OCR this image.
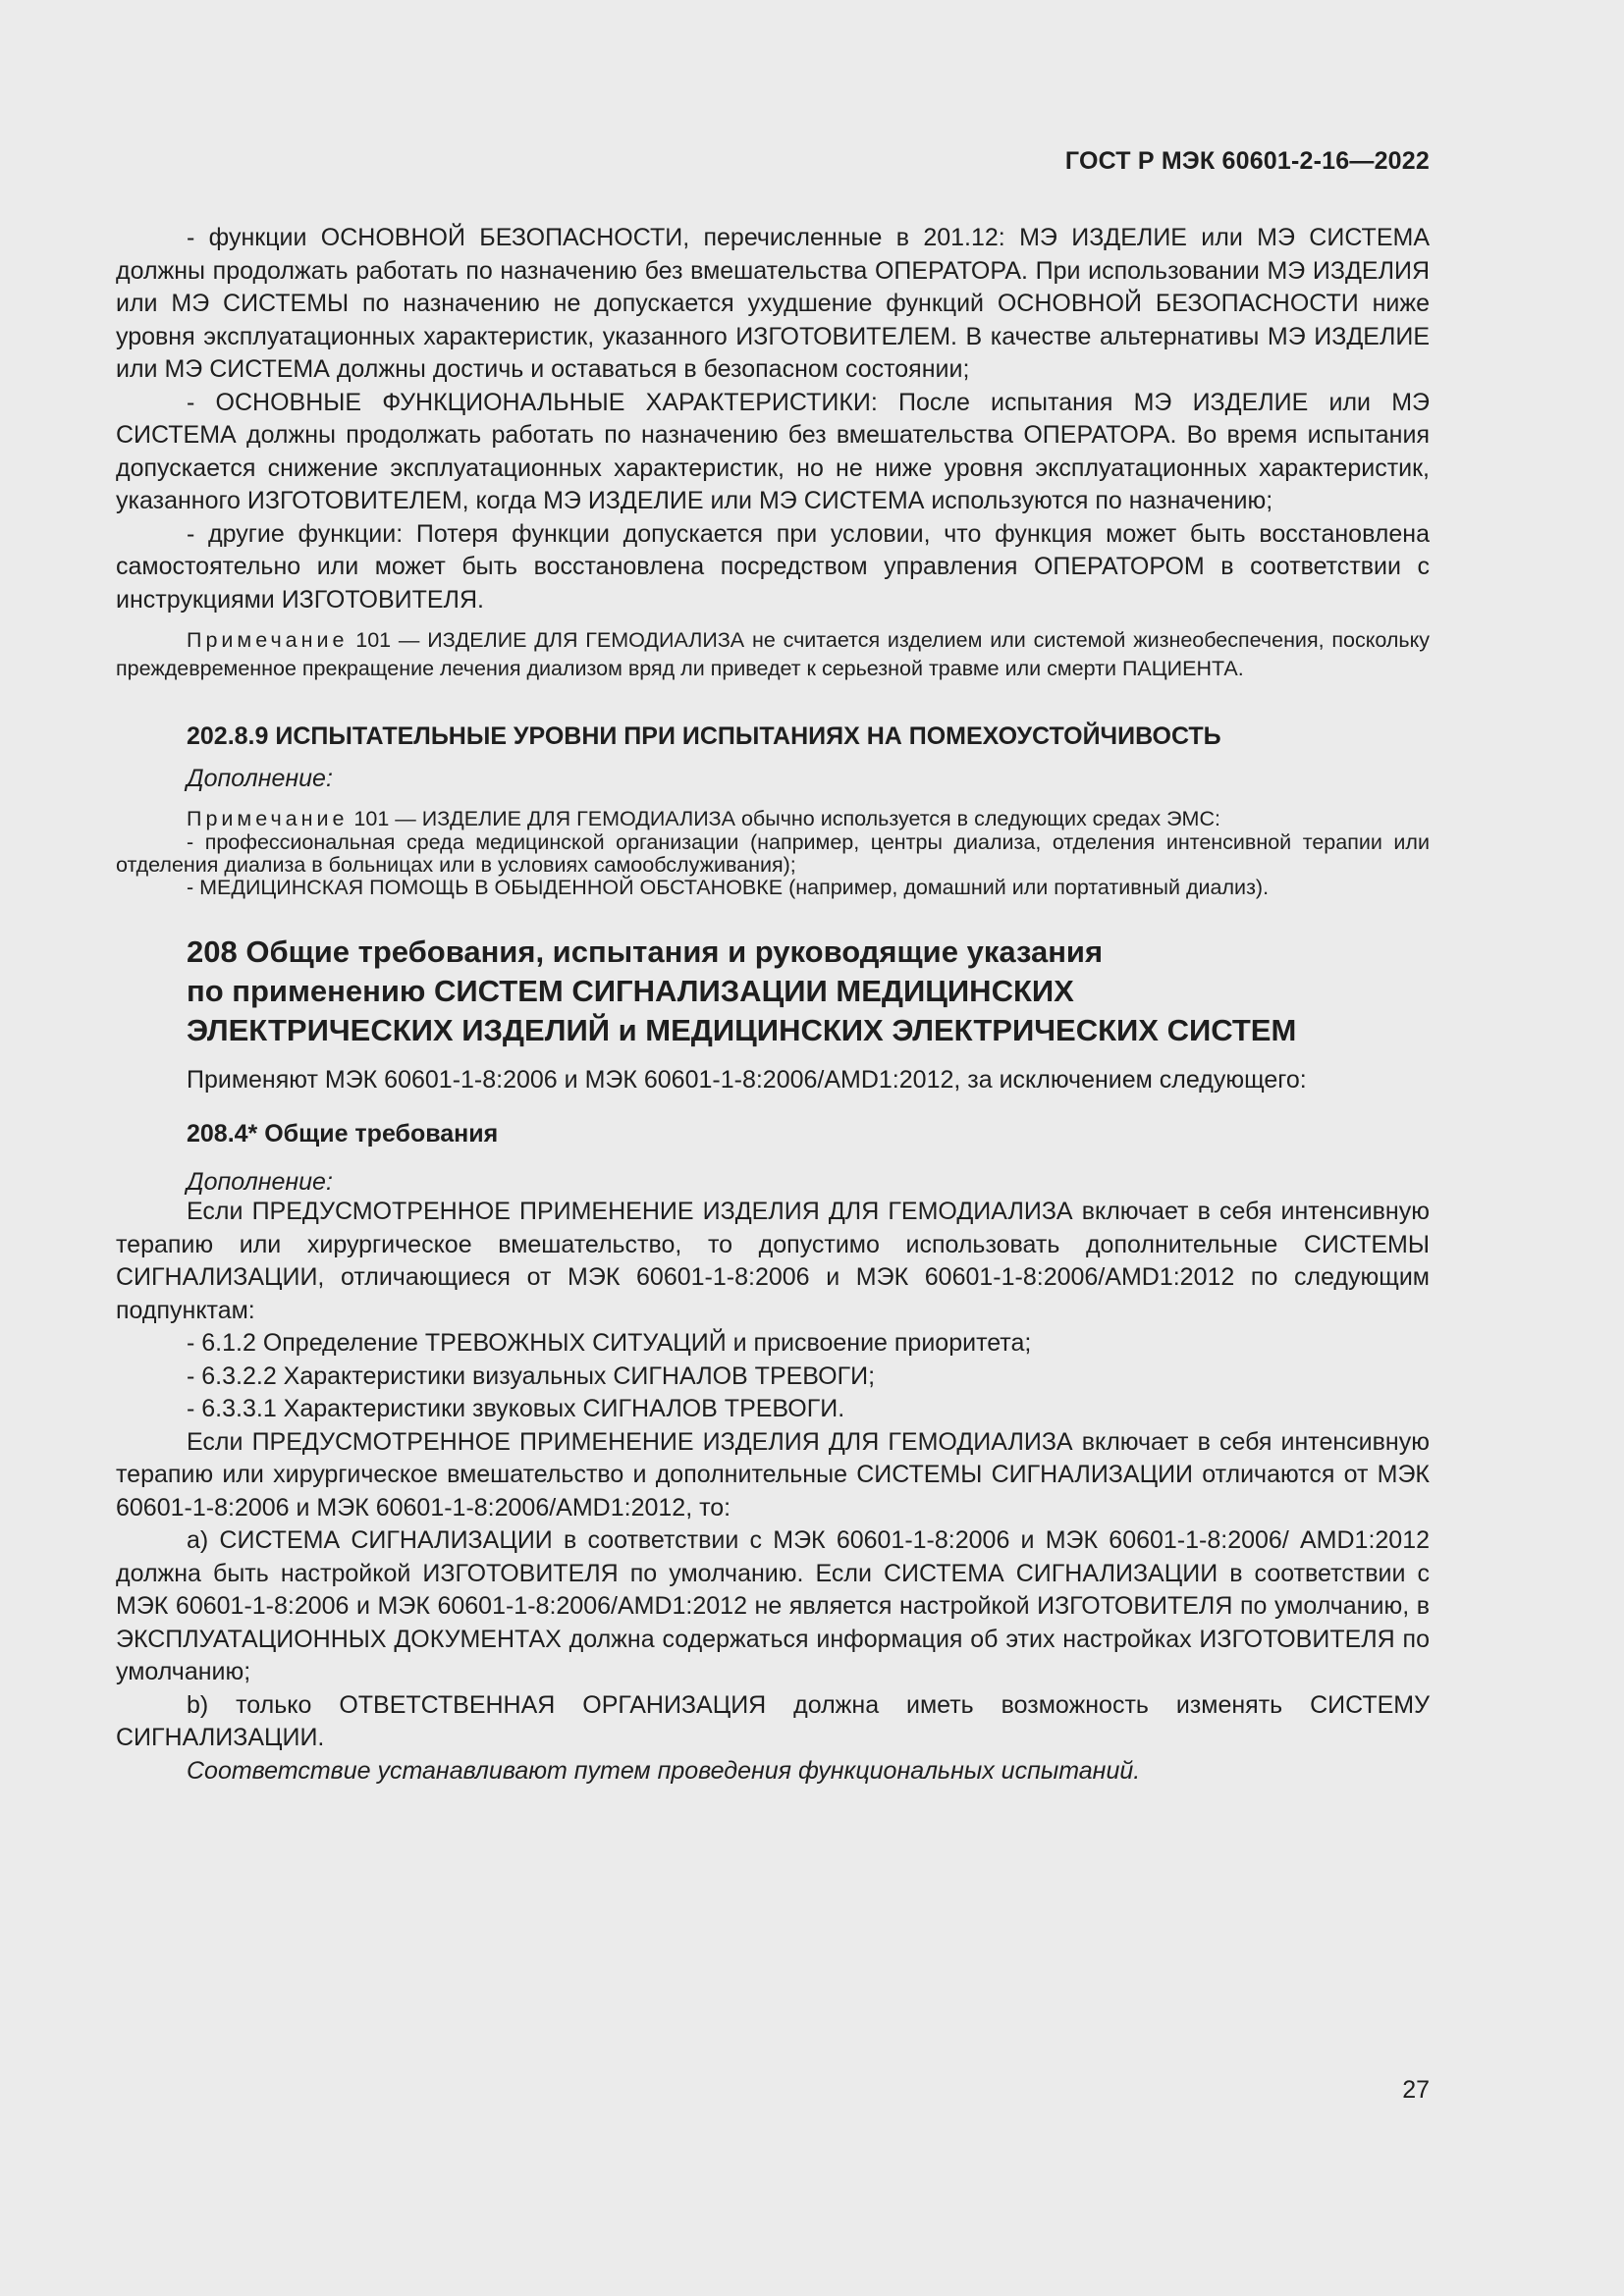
ГОСТ Р МЭК 60601-2-16—2022

- функции ОСНОВНОЙ БЕЗОПАСНОСТИ, перечисленные в 201.12: МЭ ИЗДЕЛИЕ или МЭ СИСТЕМА должны продолжать работать по назначению без вмешательства ОПЕРАТОРА. При использовании МЭ ИЗДЕЛИЯ или МЭ СИСТЕМЫ по назначению не допускается ухудшение функций ОСНОВНОЙ БЕЗОПАСНОСТИ ниже уровня эксплуатационных характеристик, указанного ИЗГОТОВИТЕЛЕМ. В качестве альтернативы МЭ ИЗДЕЛИЕ или МЭ СИСТЕМА должны достичь и оставаться в безопасном состоянии;

- ОСНОВНЫЕ ФУНКЦИОНАЛЬНЫЕ ХАРАКТЕРИСТИКИ: После испытания МЭ ИЗДЕЛИЕ или МЭ СИСТЕМА должны продолжать работать по назначению без вмешательства ОПЕРАТОРА. Во время испытания допускается снижение эксплуатационных характеристик, но не ниже уровня эксплуатационных характеристик, указанного ИЗГОТОВИТЕЛЕМ, когда МЭ ИЗДЕЛИЕ или МЭ СИСТЕМА используются по назначению;

- другие функции: Потеря функции допускается при условии, что функция может быть восстановлена самостоятельно или может быть восстановлена посредством управления ОПЕРАТОРОМ в соответствии с инструкциями ИЗГОТОВИТЕЛЯ.

Примечание 101 — ИЗДЕЛИЕ ДЛЯ ГЕМОДИАЛИЗА не считается изделием или системой жизнеобеспечения, поскольку преждевременное прекращение лечения диализом вряд ли приведет к серьезной травме или смерти ПАЦИЕНТА.

202.8.9 ИСПЫТАТЕЛЬНЫЕ УРОВНИ ПРИ ИСПЫТАНИЯХ НА ПОМЕХОУСТОЙЧИВОСТЬ

Дополнение:

Примечание 101 — ИЗДЕЛИЕ ДЛЯ ГЕМОДИАЛИЗА обычно используется в следующих средах ЭМС:

- профессиональная среда медицинской организации (например, центры диализа, отделения интенсивной терапии или отделения диализа в больницах или в условиях самообслуживания);

- МЕДИЦИНСКАЯ ПОМОЩЬ В ОБЫДЕННОЙ ОБСТАНОВКЕ (например, домашний или портативный диализ).

208 Общие требования, испытания и руководящие указания

по применению СИСТЕМ СИГНАЛИЗАЦИИ МЕДИЦИНСКИХ

ЭЛЕКТРИЧЕСКИХ ИЗДЕЛИЙ и МЕДИЦИНСКИХ ЭЛЕКТРИЧЕСКИХ СИСТЕМ

Применяют МЭК 60601-1-8:2006 и МЭК 60601-1-8:2006/AMD1:2012, за исключением следующего:

208.4* Общие требования

Дополнение:

Если ПРЕДУСМОТРЕННОЕ ПРИМЕНЕНИЕ ИЗДЕЛИЯ ДЛЯ ГЕМОДИАЛИЗА включает в себя интенсивную терапию или хирургическое вмешательство, то допустимо использовать дополнительные СИСТЕМЫ СИГНАЛИЗАЦИИ, отличающиеся от МЭК 60601-1-8:2006 и МЭК 60601-1-8:2006/AMD1:2012 по следующим подпунктам:

- 6.1.2 Определение ТРЕВОЖНЫХ СИТУАЦИЙ и присвоение приоритета;

- 6.3.2.2 Характеристики визуальных СИГНАЛОВ ТРЕВОГИ;

- 6.3.3.1 Характеристики звуковых СИГНАЛОВ ТРЕВОГИ.

Если ПРЕДУСМОТРЕННОЕ ПРИМЕНЕНИЕ ИЗДЕЛИЯ ДЛЯ ГЕМОДИАЛИЗА включает в себя интенсивную терапию или хирургическое вмешательство и дополнительные СИСТЕМЫ СИГНАЛИЗАЦИИ отличаются от МЭК 60601-1-8:2006 и МЭК 60601-1-8:2006/AMD1:2012, то:

a) СИСТЕМА СИГНАЛИЗАЦИИ в соответствии с МЭК 60601-1-8:2006 и МЭК 60601-1-8:2006/ AMD1:2012 должна быть настройкой ИЗГОТОВИТЕЛЯ по умолчанию. Если СИСТЕМА СИГНАЛИЗАЦИИ в соответствии с МЭК 60601-1-8:2006 и МЭК 60601-1-8:2006/AMD1:2012 не является настройкой ИЗГОТОВИТЕЛЯ по умолчанию, в ЭКСПЛУАТАЦИОННЫХ ДОКУМЕНТАХ должна содержаться информация об этих настройках ИЗГОТОВИТЕЛЯ по умолчанию;

b) только ОТВЕТСТВЕННАЯ ОРГАНИЗАЦИЯ должна иметь возможность изменять СИСТЕМУ СИГНАЛИЗАЦИИ.

Соответствие устанавливают путем проведения функциональных испытаний.

27
